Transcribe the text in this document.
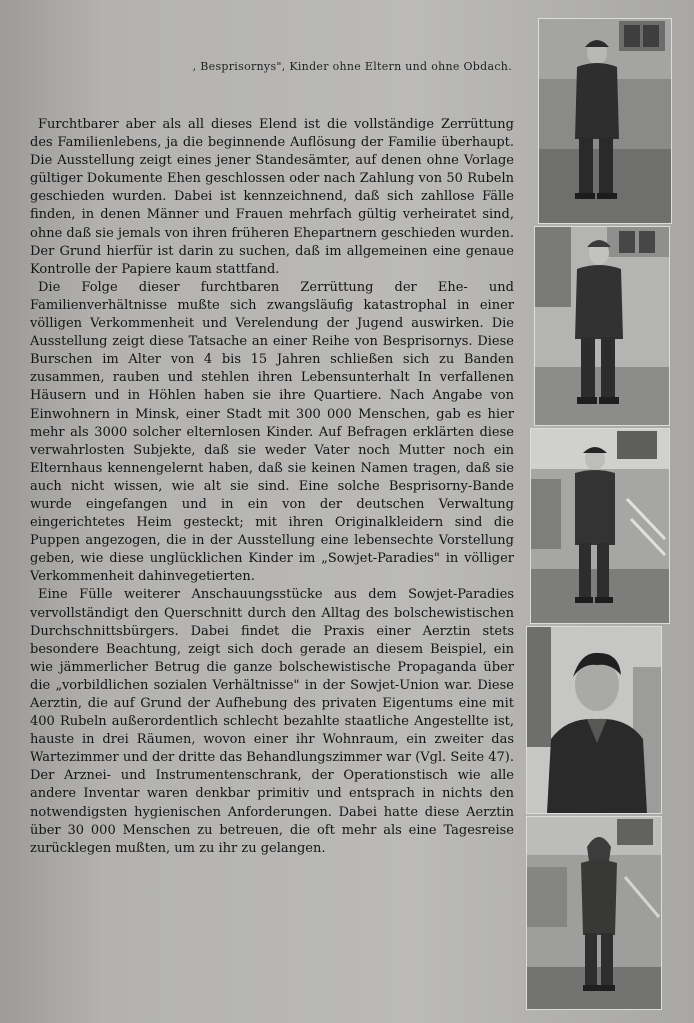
, Besprisornys", Kinder ohne Eltern und ohne Obdach.

Furchtbarer aber als all dieses Elend ist die vollständige Zerrüttung des Familienlebens, ja die beginnende Auflösung der Familie überhaupt. Die Ausstellung zeigt eines jener Standesämter, auf denen ohne Vorlage gültiger Dokumente Ehen geschlossen oder nach Zahlung von 50 Rubeln geschieden wurden. Dabei ist kennzeichnend, daß sich zahllose Fälle finden, in denen Männer und Frauen mehrfach gültig verheiratet sind, ohne daß sie jemals von ihren früheren Ehepartnern geschieden wurden. Der Grund hierfür ist darin zu suchen, daß im allgemeinen eine genaue Kontrolle der Papiere kaum stattfand.

Die Folge dieser furchtbaren Zerrüttung der Ehe- und Familienverhältnisse mußte sich zwangsläufig katastrophal in einer völligen Verkommenheit und Verelendung der Jugend auswirken. Die Ausstellung zeigt diese Tatsache an einer Reihe von Besprisornys. Diese Burschen im Alter von 4 bis 15 Jahren schließen sich zu Banden zusammen, rauben und stehlen ihren Lebensunterhalt In verfallenen Häusern und in Höhlen haben sie ihre Quartiere. Nach Angabe von Einwohnern in Minsk, einer Stadt mit 300 000 Menschen, gab es hier mehr als 3000 solcher elternlosen Kinder. Auf Befragen erklärten diese verwahrlosten Subjekte, daß sie weder Vater noch Mutter noch ein Elternhaus kennengelernt haben, daß sie keinen Namen tragen, daß sie auch nicht wissen, wie alt sie sind. Eine solche Besprisorny-Bande wurde eingefangen und in ein von der deutschen Verwaltung eingerichtetes Heim gesteckt; mit ihren Originalkleidern sind die Puppen angezogen, die in der Ausstellung eine lebensechte Vorstellung geben, wie diese unglücklichen Kinder im „Sowjet-Paradies" in völliger Verkommenheit dahinvegetierten.

Eine Fülle weiterer Anschauungsstücke aus dem Sowjet-Paradies vervollständigt den Querschnitt durch den Alltag des bolschewistischen Durchschnittsbürgers. Dabei findet die Praxis einer Aerztin stets besondere Beachtung, zeigt sich doch gerade an diesem Beispiel, ein wie jämmerlicher Betrug die ganze bolschewistische Propaganda über die „vorbildlichen sozialen Verhältnisse" in der Sowjet-Union war. Diese Aerztin, die auf Grund der Aufhebung des privaten Eigentums eine mit 400 Rubeln außerordentlich schlecht bezahlte staatliche Angestellte ist, hauste in drei Räumen, wovon einer ihr Wohnraum, ein zweiter das Wartezimmer und der dritte das Behandlungszimmer war (Vgl. Seite 47). Der Arznei- und Instrumentenschrank, der Operationstisch wie alle andere Inventar waren denkbar primitiv und entsprach in nichts den notwendigsten hygienischen Anforderungen. Dabei hatte diese Aerztin über 30 000 Menschen zu betreuen, die oft mehr als eine Tagesreise zurücklegen mußten, um zu ihr zu gelangen.
